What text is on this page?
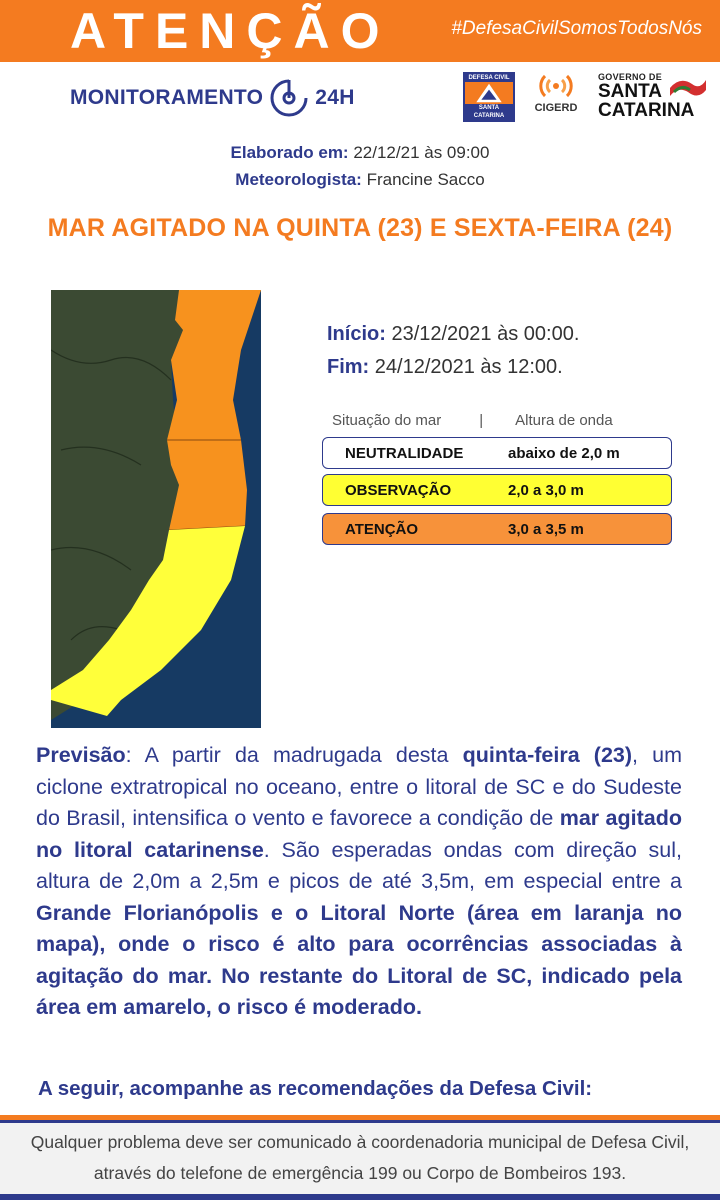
ATENÇÃO	#DefesaCivilSomosTodosNós
MONITORAMENTO 24H
DEFESA CIVIL
SANTA CATARINA
CIGERD
GOVERNO DE
SANTA
CATARINA
Elaborado em: 22/12/21 às 09:00
Meteorologista: Francine Sacco
MAR AGITADO NA QUINTA (23) E SEXTA-FEIRA (24)
Início: 23/12/2021 às 00:00.
Fim: 24/12/2021 às 12:00.
Situação do mar	| Altura de onda
NEUTRALIDADE	abaixo de 2,0 m
OBSERVAÇÃO	2,0 a 3,0 m
ATENÇÃO	3,0 a 3,5 m
Previsão: A partir da madrugada desta quinta-feira (23), um ciclone extratropical no oceano, entre o litoral de SC e do Sudeste do Brasil, intensifica o vento e favorece a condição de mar agitado no litoral catarinense. São esperadas ondas com direção sul, altura de 2,0m a 2,5m e picos de até 3,5m, em especial entre a Grande Florianópolis e o Litoral Norte (área em laranja no mapa), onde o risco é alto para ocorrências associadas à agitação do mar. No restante do Litoral de SC, indicado pela área em amarelo, o risco é moderado.
A seguir, acompanhe as recomendações da Defesa Civil:
Qualquer problema deve ser comunicado à coordenadoria municipal de Defesa Civil,
através do telefone de emergência 199 ou Corpo de Bombeiros 193.
